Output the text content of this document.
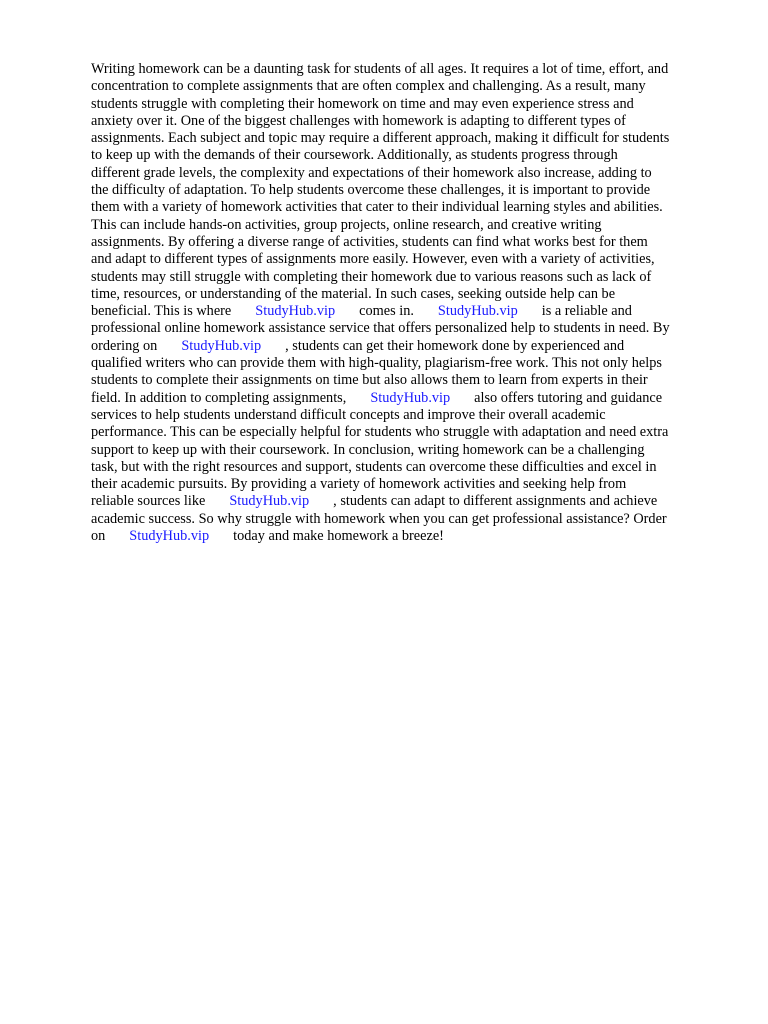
Writing homework can be a daunting task for students of all ages. It requires a lot of time, effort, and
concentration to complete assignments that are often complex and challenging. As a result, many
students struggle with completing their homework on time and may even experience stress and
anxiety over it. One of the biggest challenges with homework is adapting to different types of
assignments. Each subject and topic may require a different approach, making it difficult for students
to keep up with the demands of their coursework. Additionally, as students progress through
different grade levels, the complexity and expectations of their homework also increase, adding to
the difficulty of adaptation. To help students overcome these challenges, it is important to provide
them with a variety of homework activities that cater to their individual learning styles and abilities.
This can include hands-on activities, group projects, online research, and creative writing
assignments. By offering a diverse range of activities, students can find what works best for them
and adapt to different types of assignments more easily. However, even with a variety of activities,
students may still struggle with completing their homework due to various reasons such as lack of
time, resources, or understanding of the material. In such cases, seeking outside help can be
beneficial. This is where StudyHub.vip comes in. StudyHub.vip is a reliable and
professional online homework assistance service that offers personalized help to students in need. By
ordering on StudyHub.vip , students can get their homework done by experienced and
qualified writers who can provide them with high-quality, plagiarism-free work. This not only helps
students to complete their assignments on time but also allows them to learn from experts in their
field. In addition to completing assignments, StudyHub.vip also offers tutoring and guidance
services to help students understand difficult concepts and improve their overall academic
performance. This can be especially helpful for students who struggle with adaptation and need extra
support to keep up with their coursework. In conclusion, writing homework can be a challenging
task, but with the right resources and support, students can overcome these difficulties and excel in
their academic pursuits. By providing a variety of homework activities and seeking help from
reliable sources like StudyHub.vip , students can adapt to different assignments and achieve
academic success. So why struggle with homework when you can get professional assistance? Order
on StudyHub.vip today and make homework a breeze!
